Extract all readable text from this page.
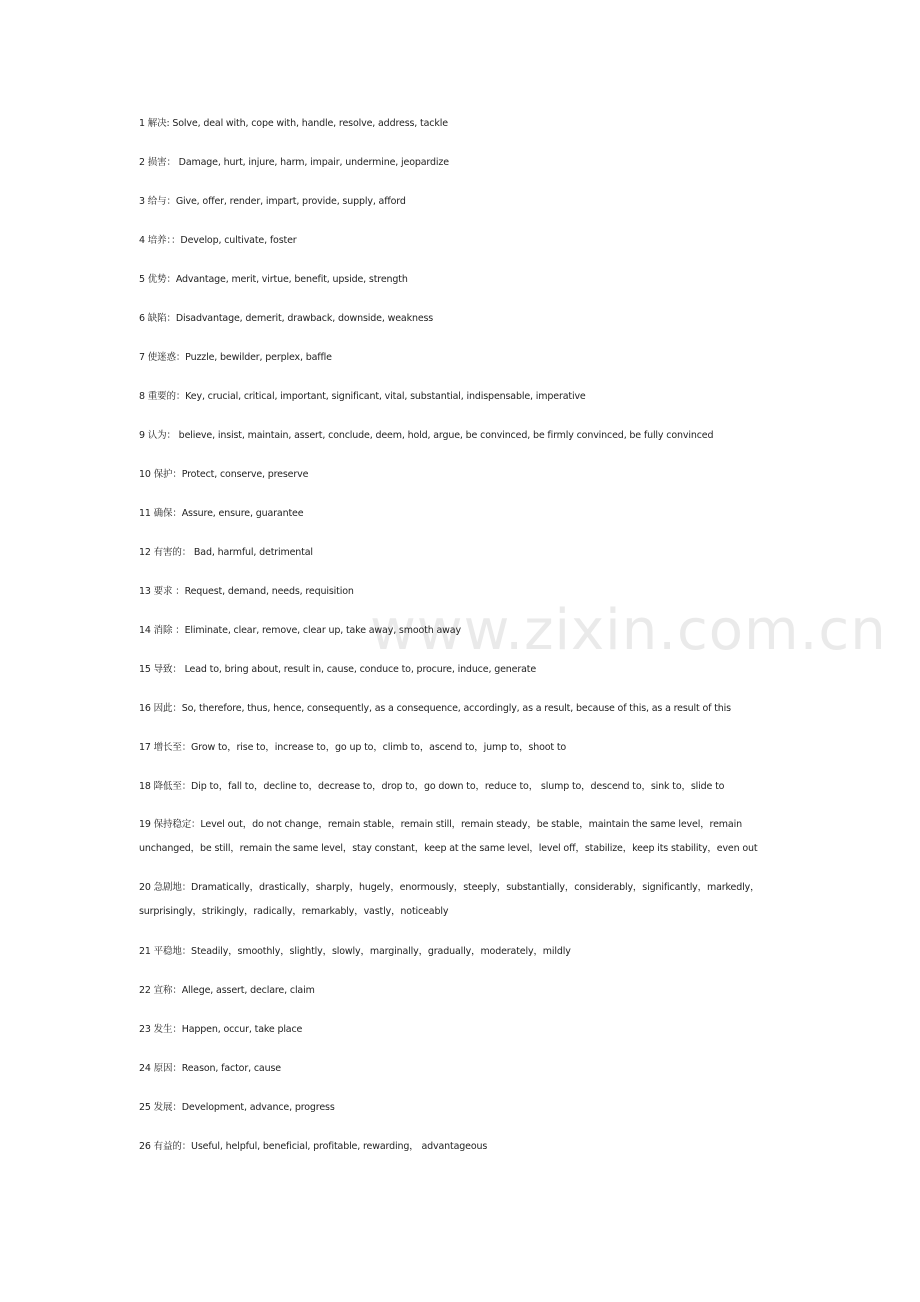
www.zixin.com.cn
1 解决: Solve, deal with, cope with, handle, resolve, address, tackle
2 损害： Damage, hurt, injure, harm, impair, undermine, jeopardize
3 给与：Give, offer, render, impart, provide, supply, afford
4 培养：：Develop, cultivate, foster
5 优势：Advantage, merit, virtue, benefit, upside, strength
6 缺陷：Disadvantage, demerit, drawback, downside, weakness
7 使迷惑：Puzzle, bewilder, perplex, baffle
8 重要的：Key, crucial, critical, important, significant, vital, substantial, indispensable, imperative
9 认为： believe, insist, maintain, assert, conclude, deem, hold, argue, be convinced, be firmly convinced, be fully convinced
10 保护：Protect, conserve, preserve
11 确保：Assure, ensure, guarantee
12 有害的： Bad, harmful, detrimental
13 要求 ：Request, demand, needs, requisition
14 消除 ：Eliminate, clear, remove, clear up, take away, smooth away
15 导致： Lead to, bring about, result in, cause, conduce to, procure, induce, generate
16 因此：So, therefore, thus, hence, consequently, as a consequence, accordingly, as a result, because of this, as a result of this
17 增长至：Grow to，rise to，increase to，go up to，climb to，ascend to，jump to，shoot to
18 降低至：Dip to，fall to，decline to，decrease to，drop to，go down to，reduce to， slump to，descend to，sink to，slide to
19 保持稳定：Level out，do not change，remain stable，remain still，remain steady，be stable，maintain the same level，remain unchanged，be still，remain the same level，stay constant，keep at the same level，level off，stabilize，keep its stability，even out
20 急剧地：Dramatically，drastically，sharply，hugely，enormously，steeply，substantially，considerably，significantly，markedly，surprisingly，strikingly，radically，remarkably，vastly，noticeably
21 平稳地：Steadily，smoothly，slightly，slowly，marginally，gradually，moderately，mildly
22 宣称：Allege, assert, declare, claim
23 发生：Happen, occur, take place
24 原因：Reason, factor, cause
25 发展：Development, advance, progress
26 有益的：Useful, helpful, beneficial, profitable, rewarding， advantageous
